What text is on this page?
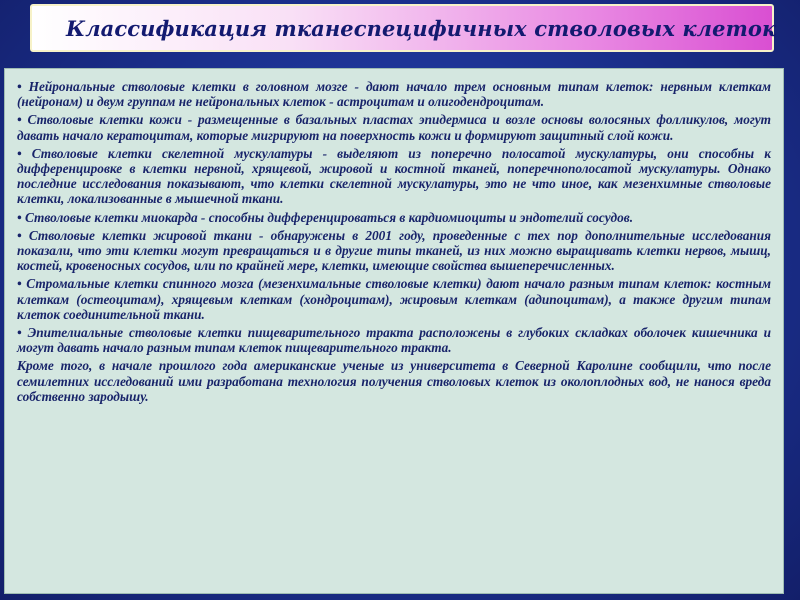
Классификация тканеспецифичных стволовых клеток

• Нейрональные стволовые клетки в головном мозге - дают начало трем основным типам клеток: нервным клеткам (нейронам) и двум группам не нейрональных клеток - астроцитам и олигодендроцитам.

• Стволовые клетки кожи - размещенные в базальных пластах эпидермиса и возле основы волосяных фолликулов, могут давать начало кератоцитам, которые мигрируют на поверхность кожи и формируют защитный слой кожи.

• Стволовые клетки скелетной мускулатуры - выделяют из поперечно полосатой мускулатуры, они способны к дифференцировке в клетки нервной, хрящевой, жировой и костной тканей, поперечнополосатой мускулатуры. Однако последние исследования показывают, что клетки скелетной мускулатуры, это не что иное, как мезенхимные стволовые клетки, локализованные в мышечной ткани.

• Стволовые клетки миокарда - способны дифференцироваться в кардиомиоциты и эндотелий сосудов.

• Стволовые клетки жировой ткани - обнаружены в 2001 году, проведенные с тех пор дополнительные исследования показали, что эти клетки могут превращаться и в другие типы тканей, из них можно выращивать клетки нервов, мышц, костей, кровеносных сосудов, или по крайней мере, клетки, имеющие свойства вышеперечисленных.

• Стромальные клетки спинного мозга (мезенхимальные стволовые клетки) дают начало разным типам клеток: костным клеткам (остеоцитам), хрящевым клеткам (хондроцитам), жировым клеткам (адипоцитам), а также другим типам клеток соединительной ткани.

• Эпителиальные стволовые клетки пищеварительного тракта расположены в глубоких складках оболочек кишечника и могут давать начало разным типам клеток пищеварительного тракта.

Кроме того, в начале прошлого года американские ученые из университета в Северной Каролине сообщили, что после семилетних исследований ими разработана технология получения стволовых клеток из околоплодных вод, не нанося вреда собственно зародышу.
